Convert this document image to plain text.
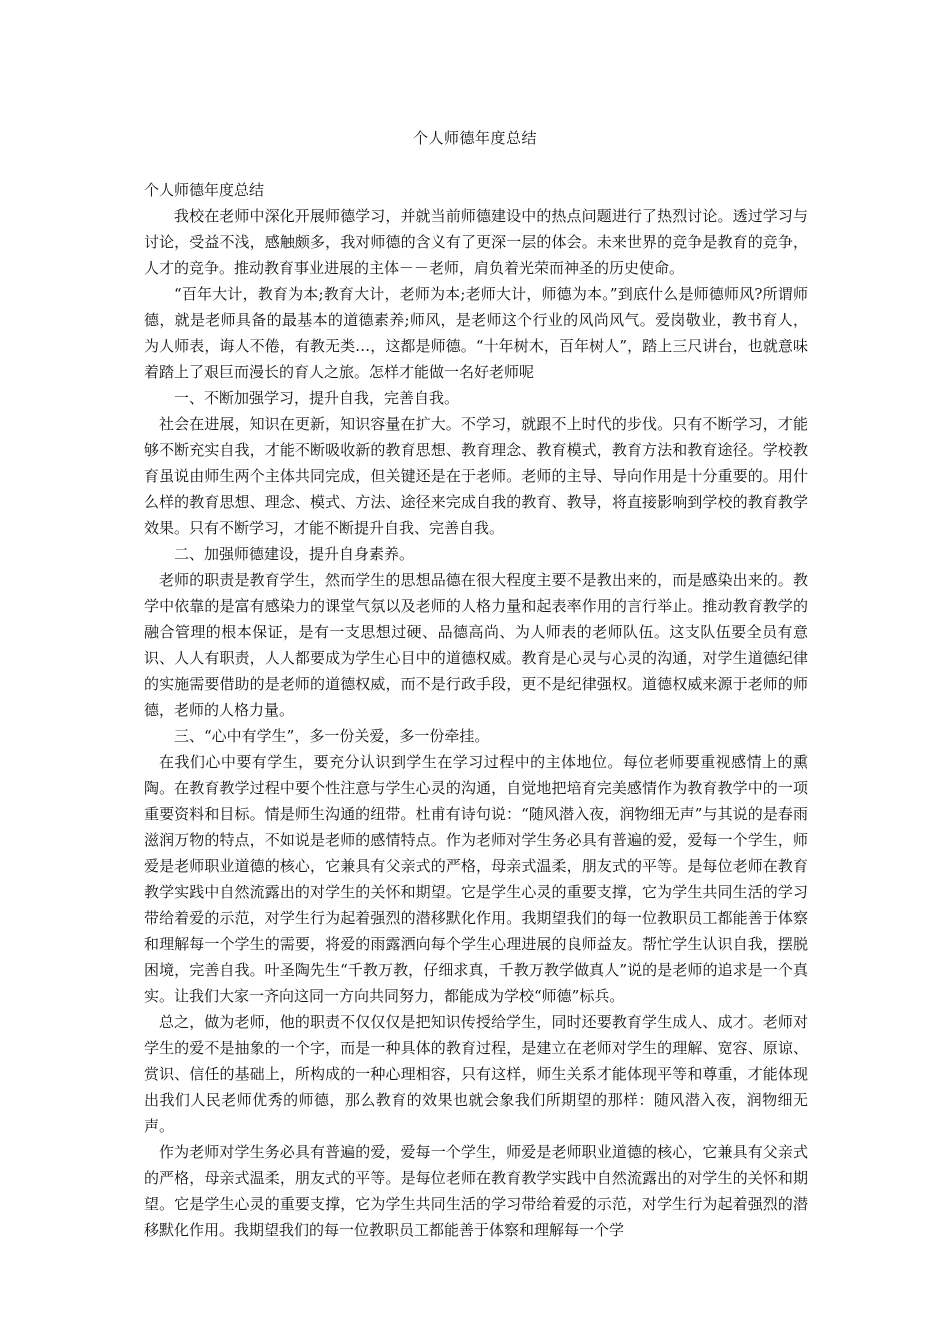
个人师德年度总结

个人师德年度总结

我校在老师中深化开展师德学习，并就当前师德建设中的热点问题进行了热烈讨论。透过学习与讨论，受益不浅，感触颇多，我对师德的含义有了更深一层的体会。未来世界的竞争是教育的竞争，人才的竞争。推动教育事业进展的主体－－老师，肩负着光荣而神圣的历史使命。

“百年大计，教育为本;教育大计，老师为本;老师大计，师德为本。”到底什么是师德师风?所谓师德，就是老师具备的最基本的道德素养;师风，是老师这个行业的风尚风气。爱岗敬业，教书育人，为人师表，诲人不倦，有教无类…，这都是师德。“十年树木，百年树人”，踏上三尺讲台，也就意味着踏上了艰巨而漫长的育人之旅。怎样才能做一名好老师呢

一、不断加强学习，提升自我，完善自我。

社会在进展，知识在更新，知识容量在扩大。不学习，就跟不上时代的步伐。只有不断学习，才能够不断充实自我，才能不断吸收新的教育思想、教育理念、教育模式，教育方法和教育途径。学校教育虽说由师生两个主体共同完成，但关键还是在于老师。老师的主导、导向作用是十分重要的。用什么样的教育思想、理念、模式、方法、途径来完成自我的教育、教导，将直接影响到学校的教育教学效果。只有不断学习，才能不断提升自我、完善自我。

二、加强师德建设，提升自身素养。

老师的职责是教育学生，然而学生的思想品德在很大程度主要不是教出来的，而是感染出来的。教学中依靠的是富有感染力的课堂气氛以及老师的人格力量和起表率作用的言行举止。推动教育教学的融合管理的根本保证，是有一支思想过硬、品德高尚、为人师表的老师队伍。这支队伍要全员有意识、人人有职责，人人都要成为学生心目中的道德权威。教育是心灵与心灵的沟通，对学生道德纪律的实施需要借助的是老师的道德权威，而不是行政手段，更不是纪律强权。道德权威来源于老师的师德，老师的人格力量。

三、“心中有学生”，多一份关爱，多一份牵挂。

在我们心中要有学生，要充分认识到学生在学习过程中的主体地位。每位老师要重视感情上的熏陶。在教育教学过程中要个性注意与学生心灵的沟通，自觉地把培育完美感情作为教育教学中的一项重要资料和目标。情是师生沟通的纽带。杜甫有诗句说：“随风潜入夜，润物细无声”与其说的是春雨滋润万物的特点，不如说是老师的感情特点。作为老师对学生务必具有普遍的爱，爱每一个学生，师爱是老师职业道德的核心，它兼具有父亲式的严格，母亲式温柔，朋友式的平等。是每位老师在教育教学实践中自然流露出的对学生的关怀和期望。它是学生心灵的重要支撑，它为学生共同生活的学习带给着爱的示范，对学生行为起着强烈的潜移默化作用。我期望我们的每一位教职员工都能善于体察和理解每一个学生的需要，将爱的雨露洒向每个学生心理进展的良师益友。帮忙学生认识自我，摆脱困境，完善自我。叶圣陶先生“千教万教，仔细求真，千教万教学做真人”说的是老师的追求是一个真实。让我们大家一齐向这同一方向共同努力，都能成为学校“师德”标兵。

总之，做为老师，他的职责不仅仅仅是把知识传授给学生，同时还要教育学生成人、成才。老师对学生的爱不是抽象的一个字，而是一种具体的教育过程，是建立在老师对学生的理解、宽容、原谅、赏识、信任的基础上，所构成的一种心理相容，只有这样，师生关系才能体现平等和尊重，才能体现出我们人民老师优秀的师德，那么教育的效果也就会象我们所期望的那样：随风潜入夜，润物细无声。

作为老师对学生务必具有普遍的爱，爱每一个学生，师爱是老师职业道德的核心，它兼具有父亲式的严格，母亲式温柔，朋友式的平等。是每位老师在教育教学实践中自然流露出的对学生的关怀和期望。它是学生心灵的重要支撑，它为学生共同生活的学习带给着爱的示范，对学生行为起着强烈的潜移默化作用。我期望我们的每一位教职员工都能善于体察和理解每一个学
